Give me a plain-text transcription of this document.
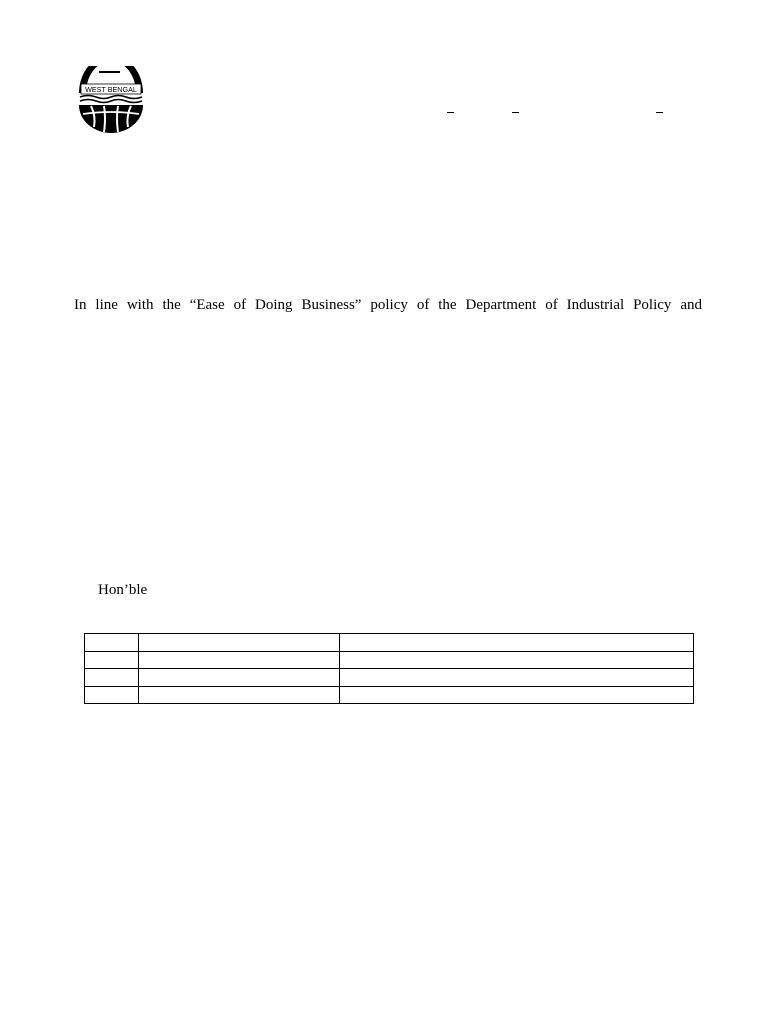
WEST BENGAL

In line with the “Ease of Doing Business” policy of the Department of Industrial Policy and

Hon’ble
